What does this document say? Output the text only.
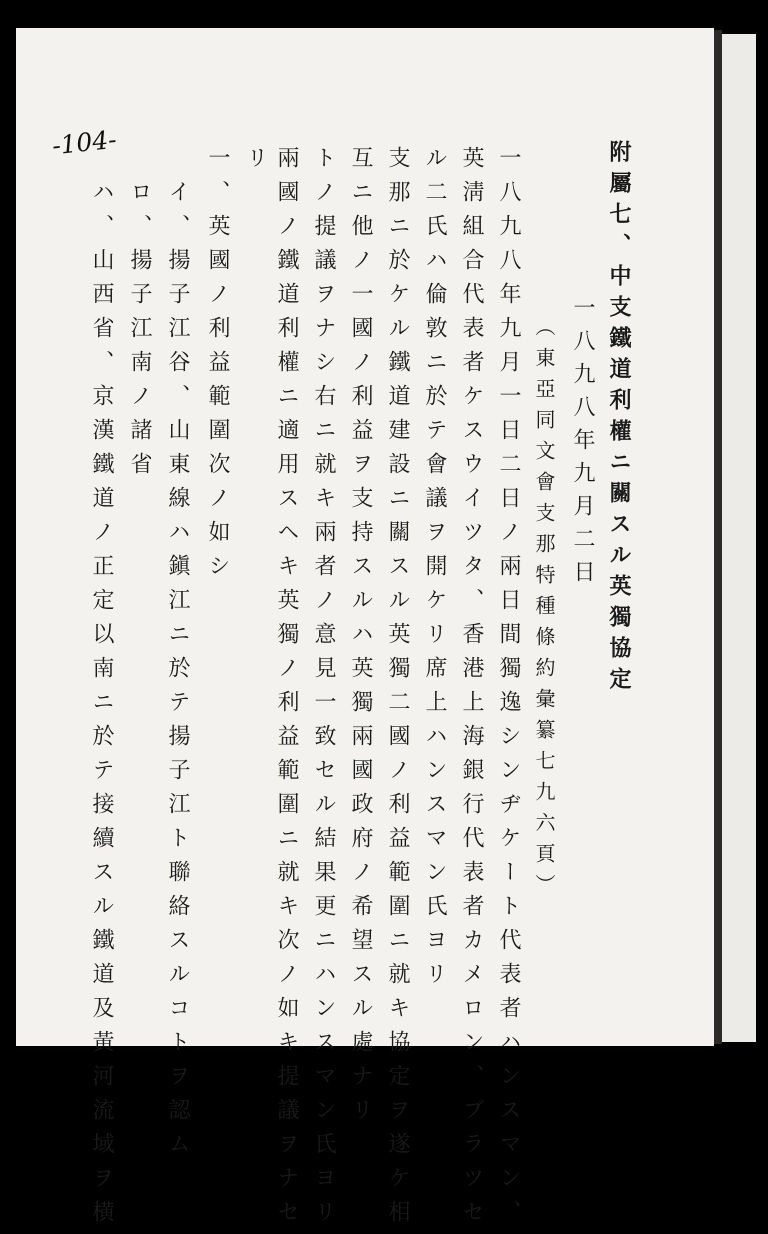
-104-	附屬七、中支鐵道利權ニ關スル英獨協定
一八九八年九月二日
（東亞同文會支那特種條約彙纂七九六頁）
一八九八年九月一日二日ノ兩日間獨逸シンヂケート代表者ハンスマン、
英淸組合代表者ケスウイツタ、香港上海銀行代表者カメロン、ブラツセ
ル二氏ハ倫敦ニ於テ會議ヲ開ケリ席上ハンスマン氏ヨリ
支那ニ於ケル鐵道建設ニ關スル英獨二國ノ利益範圍ニ就キ協定ヲ遂ケ相
互ニ他ノ一國ノ利益ヲ支持スルハ英獨兩國政府ノ希望スル處ナリ
トノ提議ヲナシ右ニ就キ兩者ノ意見一致セル結果更ニハンスマン氏ヨリ
兩國ノ鐵道利權ニ適用スヘキ英獨ノ利益範圍ニ就キ次ノ如キ提議ヲナセ
リ
一、英國ノ利益範圍次ノ如シ
イ、揚子江谷、山東線ハ鎭江ニ於テ揚子江ト聯絡スルコトヲ認ム
ロ、揚子江南ノ諸省
ハ、山西省、京漢鐵道ノ正定以南ニ於テ接續スル鐵道及黃河流域ヲ横
